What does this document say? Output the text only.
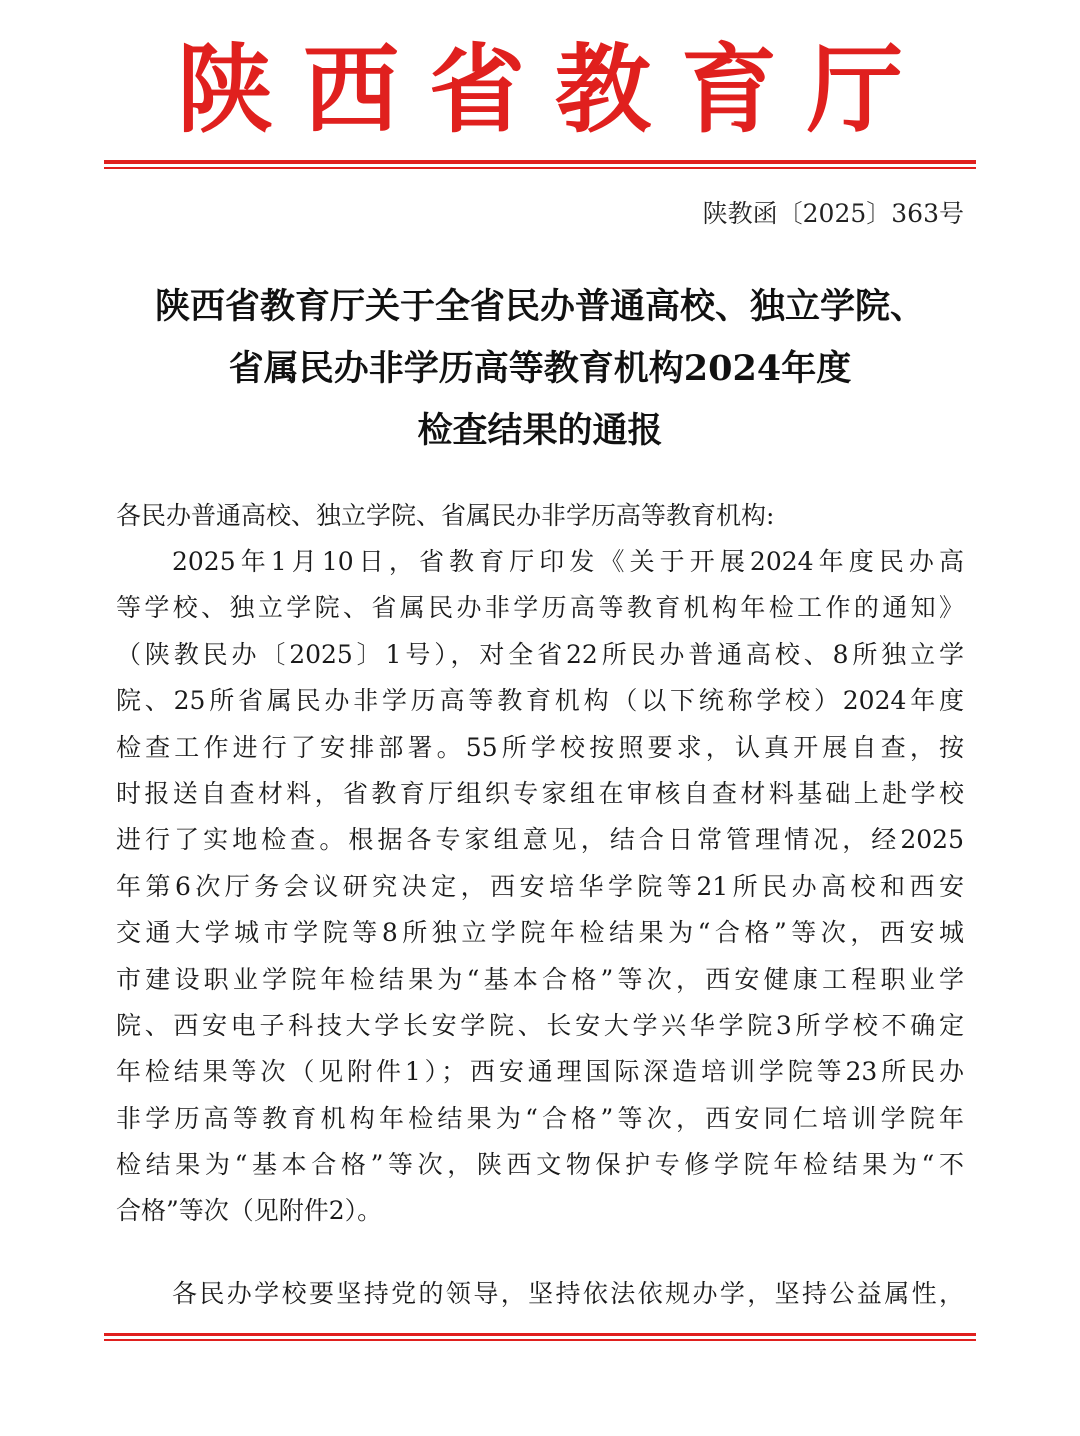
陕西省教育厅
陕教函〔2025〕363号
陕西省教育厅关于全省民办普通高校、独立学院、
省属民办非学历高等教育机构2024年度
检查结果的通报
各民办普通高校、独立学院、省属民办非学历高等教育机构:
2025年1月10日，省教育厅印发《关于开展2024年度民办高
等学校、独立学院、省属民办非学历高等教育机构年检工作的通知》
（陕教民办〔2025〕1号），对全省22所民办普通高校、8所独立学
院、25所省属民办非学历高等教育机构（以下统称学校）2024年度
检查工作进行了安排部署。55所学校按照要求，认真开展自查，按
时报送自查材料，省教育厅组织专家组在审核自查材料基础上赴学校
进行了实地检查。根据各专家组意见，结合日常管理情况，经2025
年第6次厅务会议研究决定，西安培华学院等21所民办高校和西安
交通大学城市学院等8所独立学院年检结果为“合格”等次，西安城
市建设职业学院年检结果为“基本合格”等次，西安健康工程职业学
院、西安电子科技大学长安学院、长安大学兴华学院3所学校不确定
年检结果等次（见附件1）；西安通理国际深造培训学院等23所民办
非学历高等教育机构年检结果为“合格”等次，西安同仁培训学院年
检结果为“基本合格”等次，陕西文物保护专修学院年检结果为“不
合格”等次（见附件2）。
各民办学校要坚持党的领导，坚持依法依规办学，坚持公益属性，
